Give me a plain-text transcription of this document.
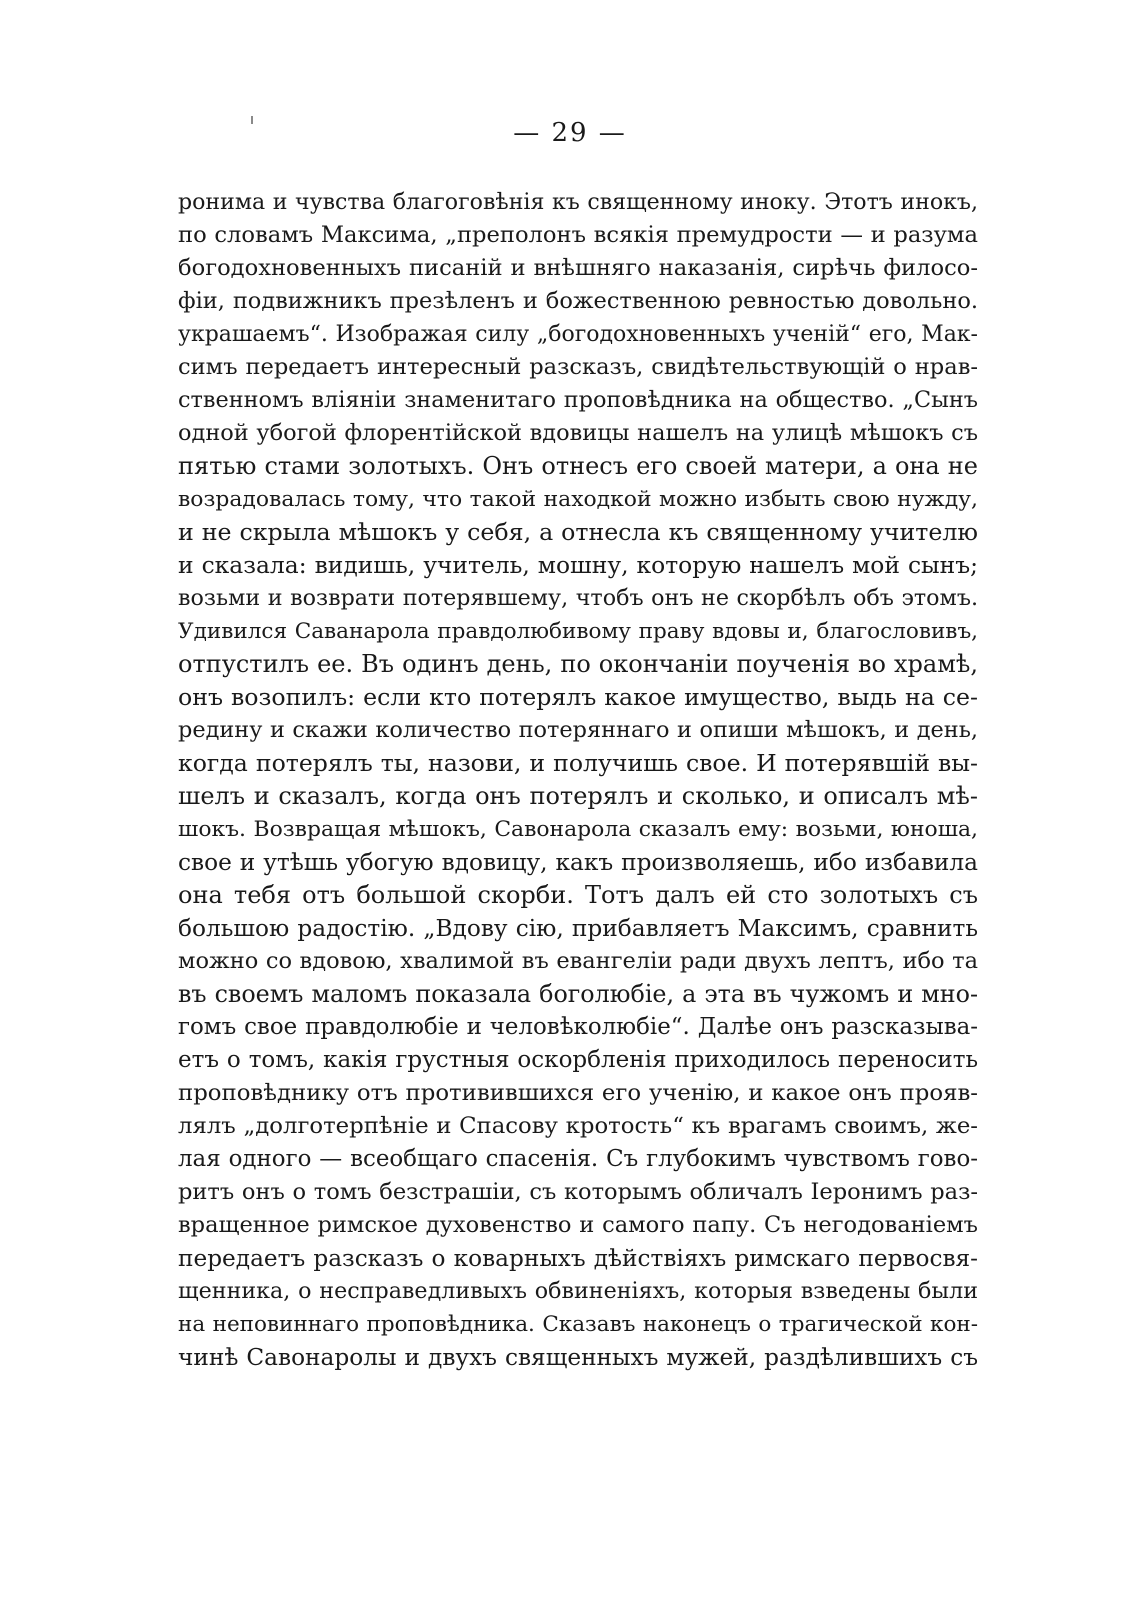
— 29 —
ронима и чувства благоговѣнія къ священному иноку. Этотъ инокъ,
по словамъ Максима, „преполонъ всякія премудрости — и разума
богодохновенныхъ писаній и внѣшняго наказанія, сирѣчь филосо-
фіи, подвижникъ презѣленъ и божественною ревностью довольно.
украшаемъ“. Изображая силу „богодохновенныхъ ученій“ его, Мак-
симъ передаетъ интересный разсказъ, свидѣтельствующій о нрав-
ственномъ вліяніи знаменитаго проповѣдника на общество. „Сынъ
одной убогой флорентійской вдовицы нашелъ на улицѣ мѣшокъ съ
пятью стами золотыхъ. Онъ отнесъ его своей матери, а она не
возрадовалась тому, что такой находкой можно избыть свою нужду,
и не скрыла мѣшокъ у себя, а отнесла къ священному учителю
и сказала: видишь, учитель, мошну, которую нашелъ мой сынъ;
возьми и возврати потерявшему, чтобъ онъ не скорбѣлъ объ этомъ.
Удивился Саванарола правдолюбивому праву вдовы и, благословивъ,
отпустилъ ее. Въ одинъ день, по окончаніи поученія во храмѣ,
онъ возопилъ: если кто потерялъ какое имущество, выдь на се-
редину и скажи количество потеряннаго и опиши мѣшокъ, и день,
когда потерялъ ты, назови, и получишь свое. И потерявшій вы-
шелъ и сказалъ, когда онъ потерялъ и сколько, и описалъ мѣ-
шокъ. Возвращая мѣшокъ, Савонарола сказалъ ему: возьми, юноша,
свое и утѣшь убогую вдовицу, какъ произволяешь, ибо избавила
она тебя отъ большой скорби. Тотъ далъ ей сто золотыхъ съ
большою радостію. „Вдову сію, прибавляетъ Максимъ, сравнить
можно со вдовою, хвалимой въ евангеліи ради двухъ лептъ, ибо та
въ своемъ маломъ показала боголюбіе, а эта въ чужомъ и мно-
гомъ свое правдолюбіе и человѣколюбіе“. Далѣе онъ разсказыва-
етъ о томъ, какія грустныя оскорбленія приходилось переносить
проповѣднику отъ противившихся его ученію, и какое онъ прояв-
лялъ „долготерпѣніе и Спасову кротость“ къ врагамъ своимъ, же-
лая одного — всеобщаго спасенія. Съ глубокимъ чувствомъ гово-
ритъ онъ о томъ безстрашіи, съ которымъ обличалъ Іеронимъ раз-
вращенное римское духовенство и самого папу. Съ негодованіемъ
передаетъ разсказъ о коварныхъ дѣйствіяхъ римскаго первосвя-
щенника, о несправедливыхъ обвиненіяхъ, которыя взведены были
на неповиннаго проповѣдника. Сказавъ наконецъ о трагической кон-
чинѣ Савонаролы и двухъ священныхъ мужей, раздѣлившихъ съ
